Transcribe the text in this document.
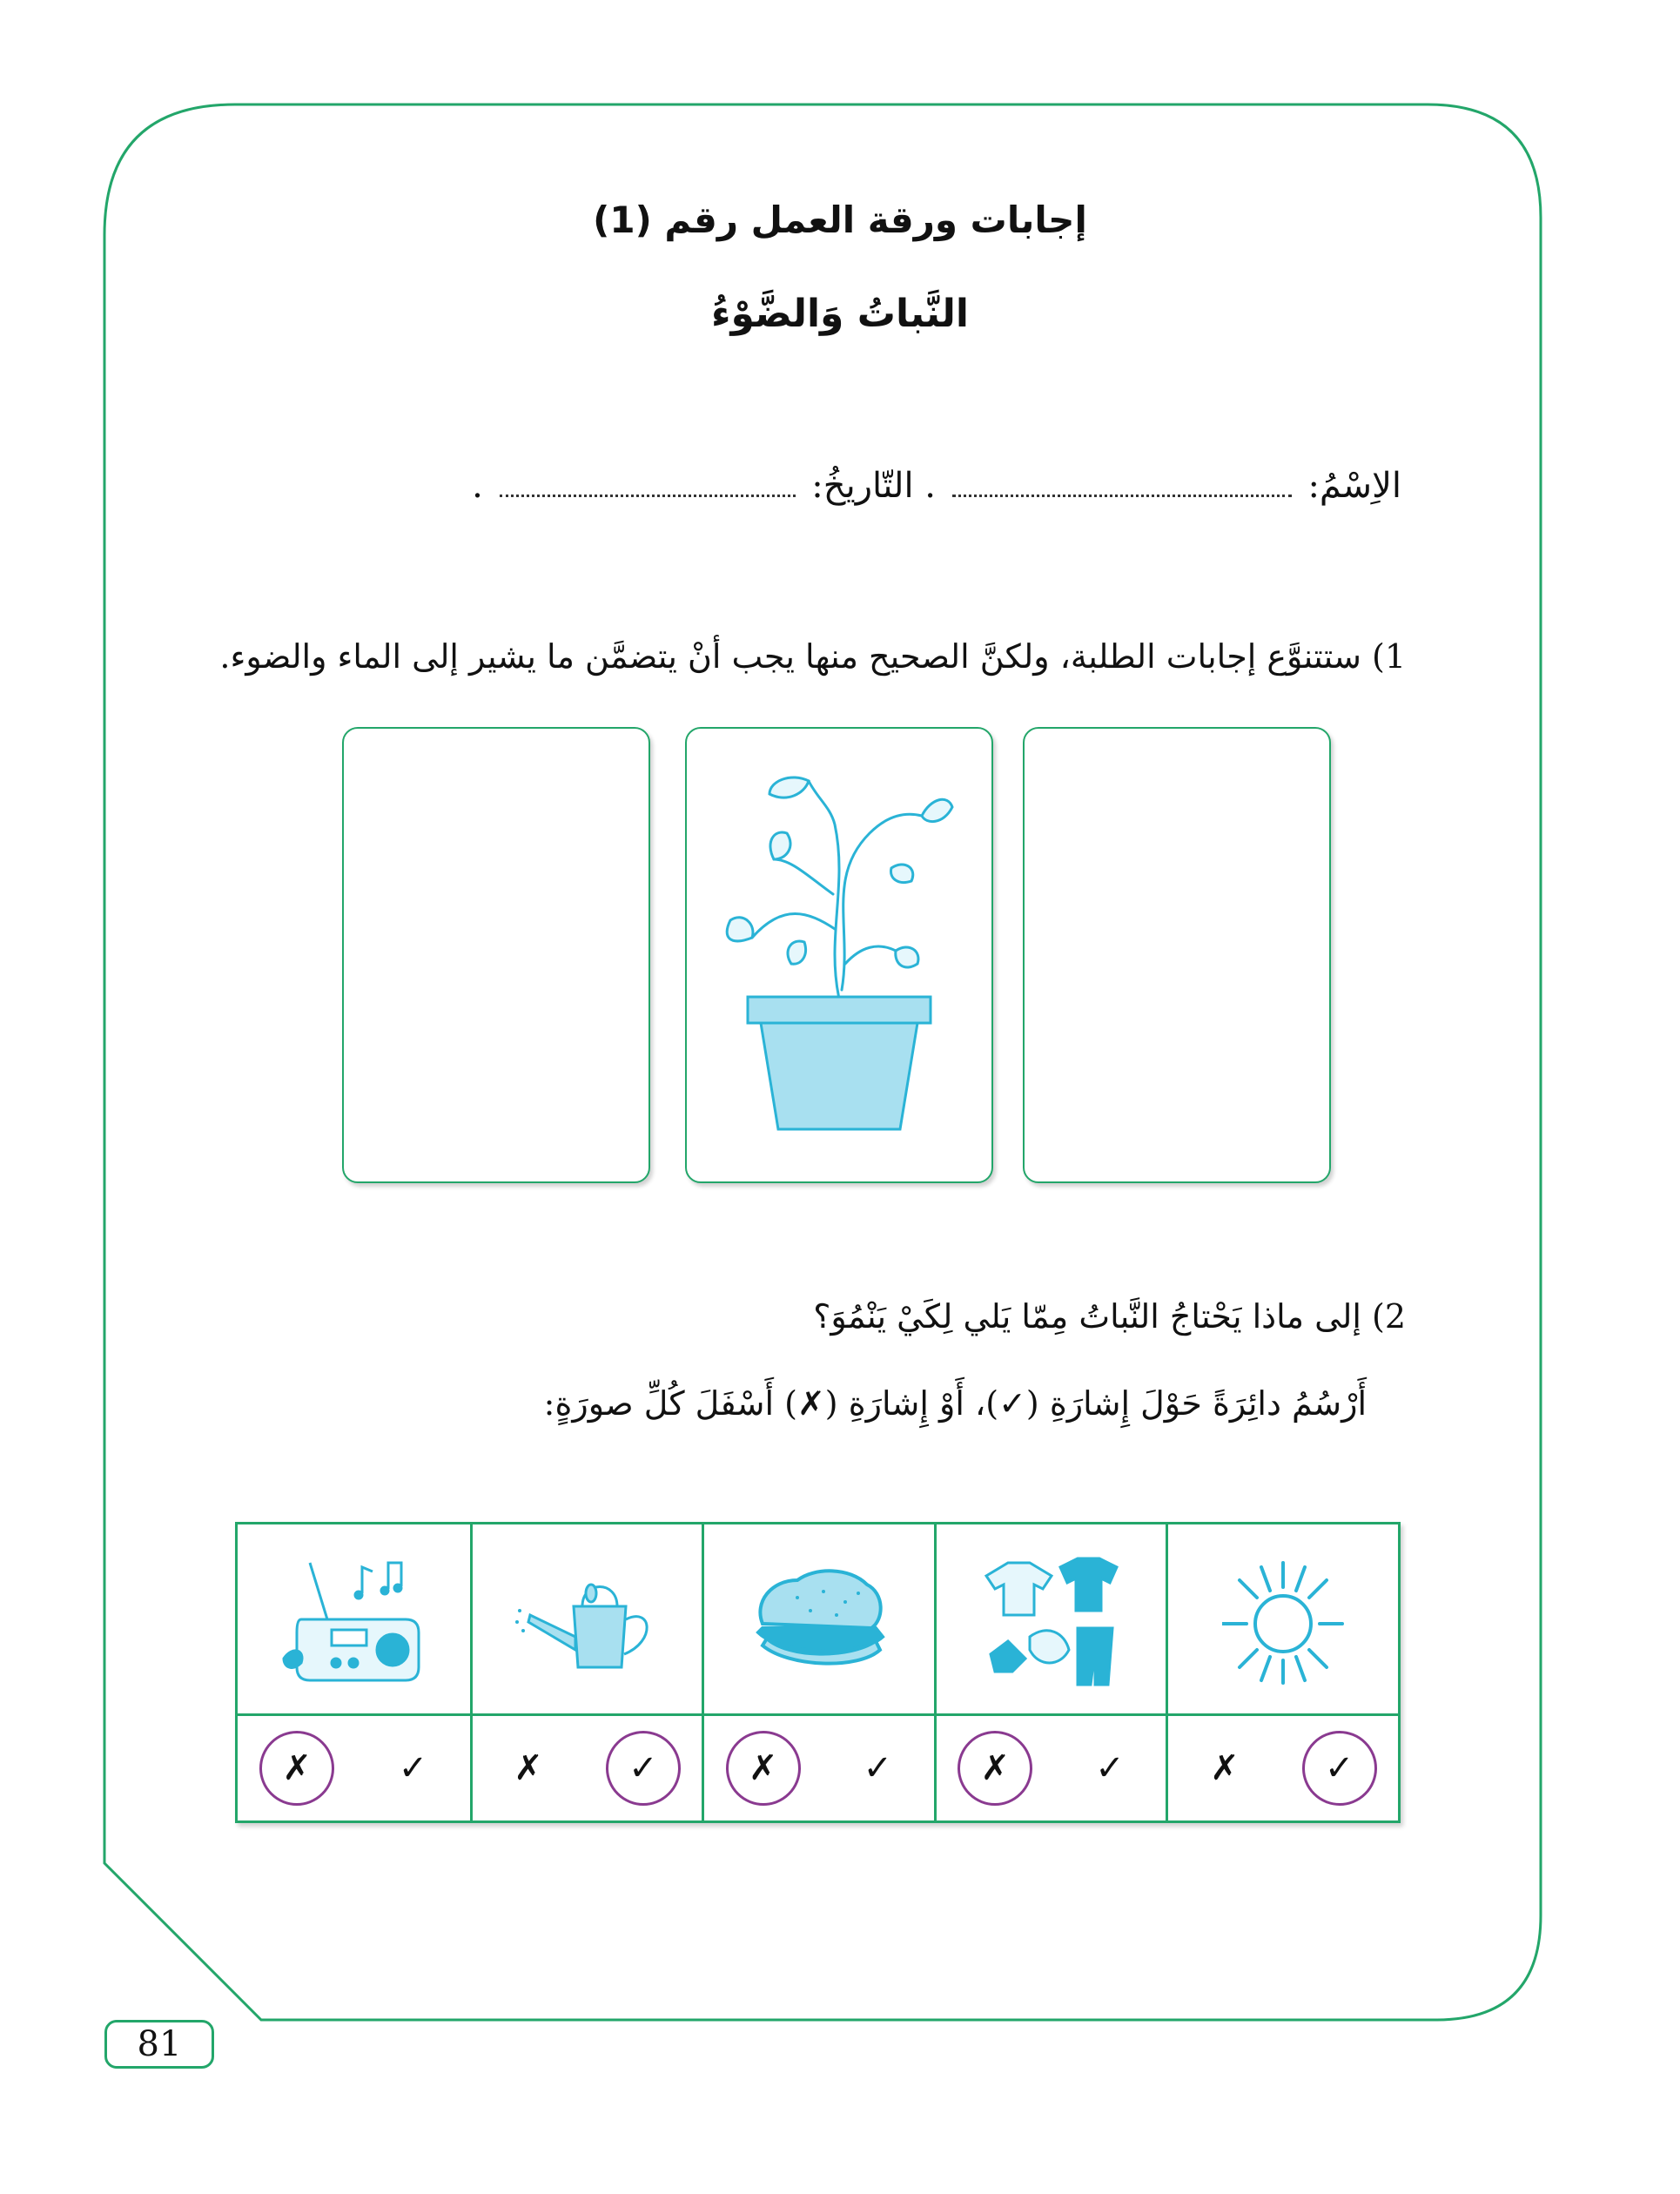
إجابات ورقة العمل رقم (1)
النَّباتُ وَالضَّوْءُ
الاِسْمُ:  . التّاريخُ:  .
1) ستتنوَّع إجابات الطلبة، ولكنَّ الصحيح منها يجب أنْ يتضمَّن ما يشير إلى الماء والضوء.
2) إلى ماذا يَحْتاجُ النَّباتُ مِمّا يَلي لِكَيْ يَنْمُوَ؟
أَرْسُمُ دائِرَةً حَوْلَ إِشارَةِ (✓)، أَوْ إِشارَةِ (✗) أَسْفَلَ كُلِّ صورَةٍ:
✓
✗
✓
✗
✓
✗
✓
✗
✓
✗
81
